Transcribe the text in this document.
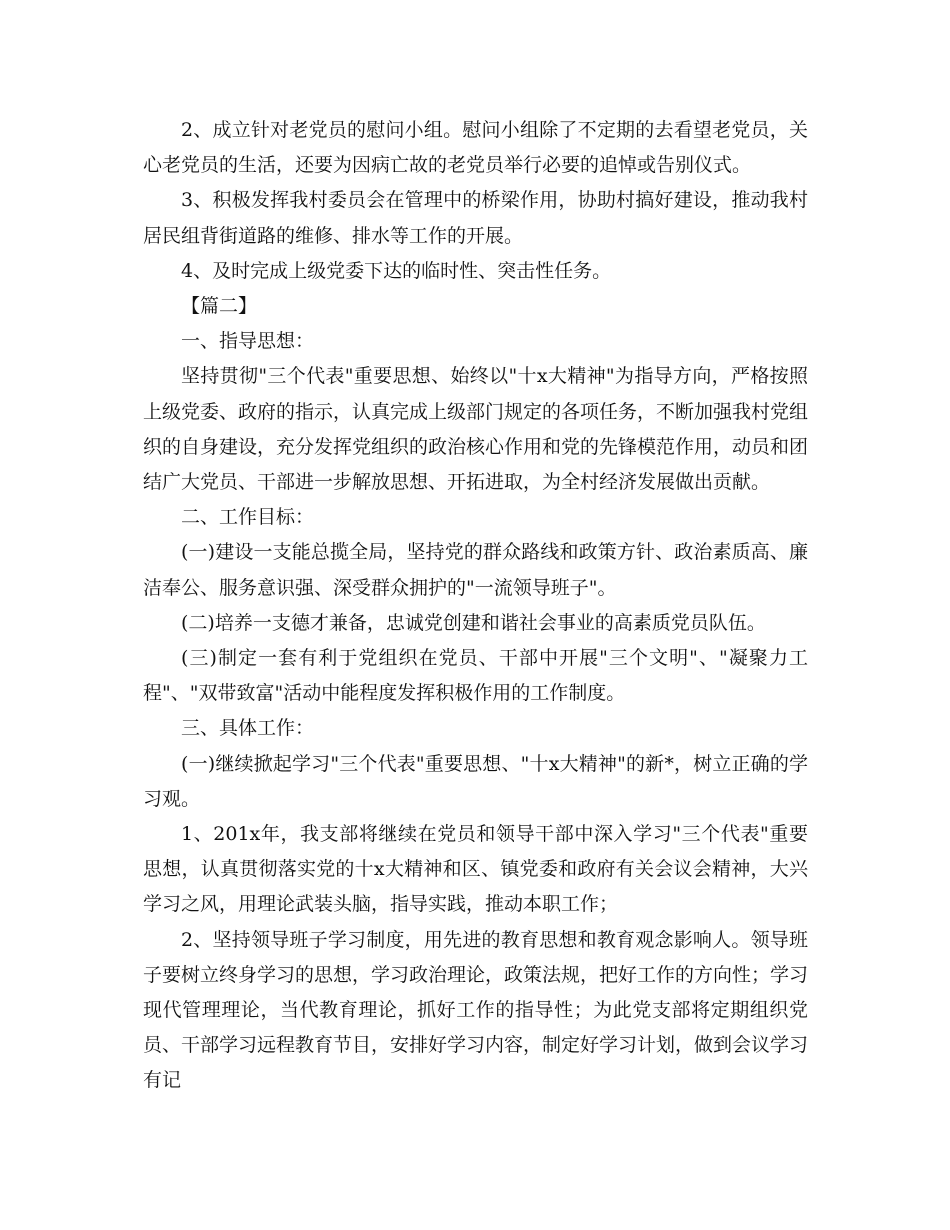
2、成立针对老党员的慰问小组。慰问小组除了不定期的去看望老党员，关心老党员的生活，还要为因病亡故的老党员举行必要的追悼或告别仪式。

3、积极发挥我村委员会在管理中的桥梁作用，协助村搞好建设，推动我村居民组背街道路的维修、排水等工作的开展。

4、及时完成上级党委下达的临时性、突击性任务。

【篇二】

一、指导思想：

坚持贯彻"三个代表"重要思想、始终以"十x大精神"为指导方向，严格按照上级党委、政府的指示，认真完成上级部门规定的各项任务，不断加强我村党组织的自身建设，充分发挥党组织的政治核心作用和党的先锋模范作用，动员和团结广大党员、干部进一步解放思想、开拓进取，为全村经济发展做出贡献。

二、工作目标：

(一)建设一支能总揽全局，坚持党的群众路线和政策方针、政治素质高、廉洁奉公、服务意识强、深受群众拥护的"一流领导班子"。

(二)培养一支德才兼备，忠诚党创建和谐社会事业的高素质党员队伍。

(三)制定一套有利于党组织在党员、干部中开展"三个文明"、"凝聚力工程"、"双带致富"活动中能程度发挥积极作用的工作制度。

三、具体工作：

(一)继续掀起学习"三个代表"重要思想、"十x大精神"的新*，树立正确的学习观。

1、201x年，我支部将继续在党员和领导干部中深入学习"三个代表"重要思想，认真贯彻落实党的十x大精神和区、镇党委和政府有关会议会精神，大兴学习之风，用理论武装头脑，指导实践，推动本职工作；

2、坚持领导班子学习制度，用先进的教育思想和教育观念影响人。领导班子要树立终身学习的思想，学习政治理论，政策法规，把好工作的方向性；学习现代管理理论，当代教育理论，抓好工作的指导性；为此党支部将定期组织党员、干部学习远程教育节目，安排好学习内容，制定好学习计划，做到会议学习有记
